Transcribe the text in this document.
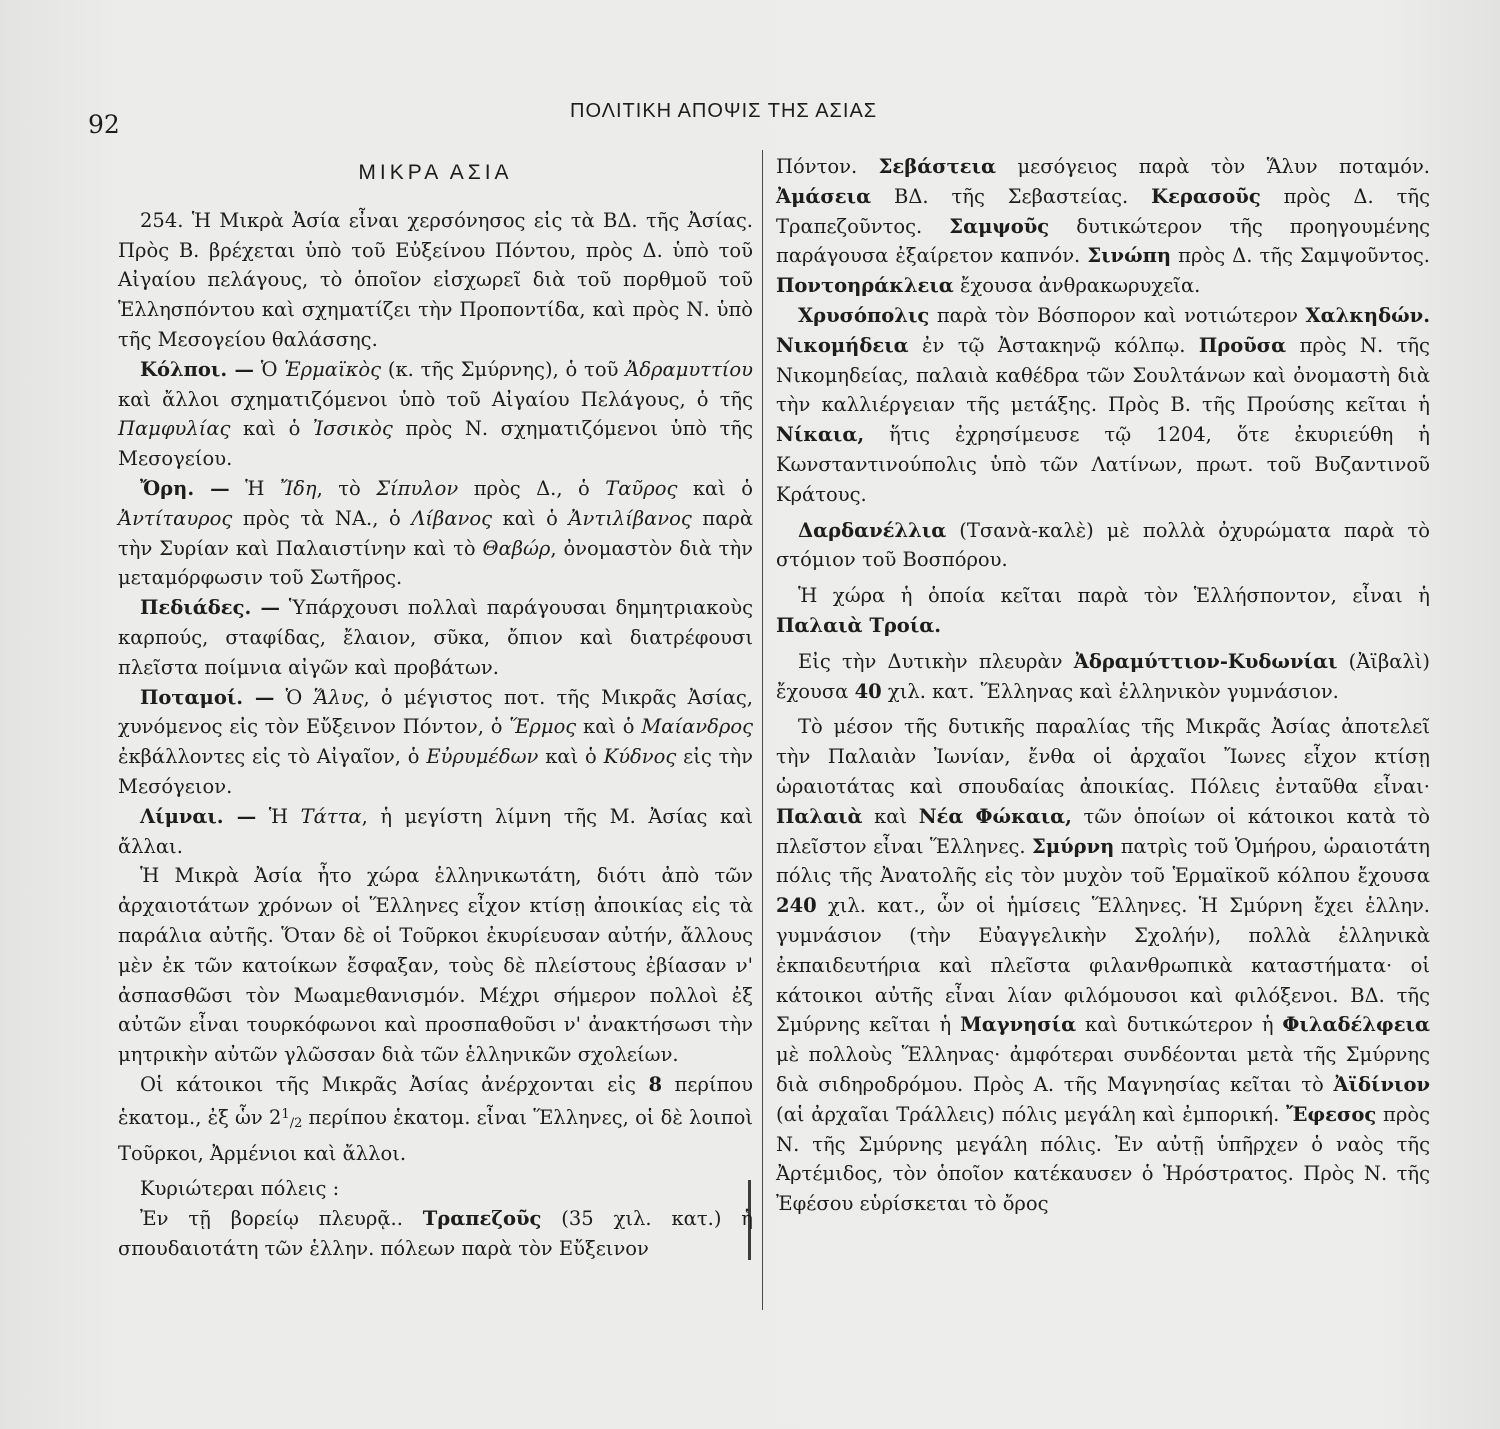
92	ΠΟΛΙΤΙΚΗ ΑΠΟΨΙΣ ΤΗΣ ΑΣΙΑΣ
ΜΙΚΡΑ ΑΣΙΑ

254. Ἡ Μικρὰ Ἀσία εἶναι χερσόνησος εἰς τὰ ΒΔ. τῆς Ἀσίας. Πρὸς Β. βρέχεται ὑπὸ τοῦ Εὐξείνου Πόντου, πρὸς Δ. ὑπὸ τοῦ Αἰγαίου πελάγους, τὸ ὁποῖον εἰσχωρεῖ διὰ τοῦ πορθμοῦ τοῦ Ἑλλησπόντου καὶ σχηματίζει τὴν Προποντίδα, καὶ πρὸς Ν. ὑπὸ τῆς Μεσογείου θαλάσσης.

Κόλποι. — Ὁ Ἑρμαϊκὸς (κ. τῆς Σμύρνης), ὁ τοῦ Ἀδραμυττίου καὶ ἄλλοι σχηματιζόμενοι ὑπὸ τοῦ Αἰγαίου Πελάγους, ὁ τῆς Παμφυλίας καὶ ὁ Ἰσσικὸς πρὸς Ν. σχηματιζόμενοι ὑπὸ τῆς Μεσογείου.

Ὄρη. — Ἡ Ἴδη, τὸ Σίπυλον πρὸς Δ., ὁ Ταῦρος καὶ ὁ Ἀντίταυρος πρὸς τὰ ΝΑ., ὁ Λίβανος καὶ ὁ Ἀντιλίβανος παρὰ τὴν Συρίαν καὶ Παλαιστίνην καὶ τὸ Θαβώρ, ὀνομαστὸν διὰ τὴν μεταμόρφωσιν τοῦ Σωτῆρος.

Πεδιάδες. — Ὑπάρχουσι πολλαὶ παράγουσαι δημητριακοὺς καρπούς, σταφίδας, ἔλαιον, σῦκα, ὄπιον καὶ διατρέφουσι πλεῖστα ποίμνια αἰγῶν καὶ προβάτων.

Ποταμοί. — Ὁ Ἅλυς, ὁ μέγιστος ποτ. τῆς Μικρᾶς Ἀσίας, χυνόμενος εἰς τὸν Εὔξεινον Πόντον, ὁ Ἕρμος καὶ ὁ Μαίανδρος ἐκβάλλοντες εἰς τὸ Αἰγαῖον, ὁ Εὐρυμέδων καὶ ὁ Κύδνος εἰς τὴν Μεσόγειον.

Λίμναι. — Ἡ Τάττα, ἡ μεγίστη λίμνη τῆς Μ. Ἀσίας καὶ ἄλλαι.

Ἡ Μικρὰ Ἀσία ἦτο χώρα ἑλληνικωτάτη, διότι ἀπὸ τῶν ἀρχαιοτάτων χρόνων οἱ Ἕλληνες εἶχον κτίσῃ ἀποικίας εἰς τὰ παράλια αὐτῆς. Ὅταν δὲ οἱ Τοῦρκοι ἐκυρίευσαν αὐτήν, ἄλλους μὲν ἐκ τῶν κατοίκων ἔσφαξαν, τοὺς δὲ πλείστους ἐβίασαν ν' ἀσπασθῶσι τὸν Μωαμεθανισμόν. Μέχρι σήμερον πολλοὶ ἐξ αὐτῶν εἶναι τουρκόφωνοι καὶ προσπαθοῦσι ν' ἀνακτήσωσι τὴν μητρικὴν αὐτῶν γλῶσσαν διὰ τῶν ἑλληνικῶν σχολείων.

Οἱ κάτοικοι τῆς Μικρᾶς Ἀσίας ἀνέρχονται εἰς 8 περίπου ἑκατομ., ἐξ ὧν $2^1_{/2}$ περίπου ἑκατομ. εἶναι Ἕλληνες, οἱ δὲ λοιποὶ Τοῦρκοι, Ἀρμένιοι καὶ ἄλλοι.

Κυριώτεραι πόλεις :

Ἐν τῇ βορείῳ πλευρᾷ.. Τραπεζοῦς (35 χιλ. κατ.) ἡ σπουδαιοτάτη τῶν ἑλλην. πόλεων παρὰ τὸν Εὔξεινον

Πόντον. Σεβάστεια μεσόγειος παρὰ τὸν Ἅλυν ποταμόν. Ἀμάσεια ΒΔ. τῆς Σεβαστείας. Κερασοῦς πρὸς Δ. τῆς Τραπεζοῦντος. Σαμψοῦς δυτικώτερον τῆς προηγουμένης παράγουσα ἐξαίρετον καπνόν. Σινώπη πρὸς Δ. τῆς Σαμψοῦντος. Ποντοηράκλεια ἔχουσα ἀνθρακωρυχεῖα.

Χρυσόπολις παρὰ τὸν Βόσπορον καὶ νοτιώτερον Χαλκηδών. Νικομήδεια ἐν τῷ Ἀστακηνῷ κόλπῳ. Προῦσα πρὸς Ν. τῆς Νικομηδείας, παλαιὰ καθέδρα τῶν Σουλτάνων καὶ ὀνομαστὴ διὰ τὴν καλλιέργειαν τῆς μετάξης. Πρὸς Β. τῆς Προύσης κεῖται ἡ Νίκαια, ἥτις ἐχρησίμευσε τῷ 1204, ὅτε ἐκυριεύθη ἡ Κωνσταντινούπολις ὑπὸ τῶν Λατίνων, πρωτ. τοῦ Βυζαντινοῦ Κράτους.

Δαρδανέλλια (Τσανὰ-καλὲ) μὲ πολλὰ ὀχυρώματα παρὰ τὸ στόμιον τοῦ Βοσπόρου.

Ἡ χώρα ἡ ὁποία κεῖται παρὰ τὸν Ἑλλήσποντον, εἶναι ἡ Παλαιὰ Τροία.

Εἰς τὴν Δυτικὴν πλευρὰν Ἀδραμύττιον-Κυδωνίαι (Ἀϊβαλὶ) ἔχουσα 40 χιλ. κατ. Ἕλληνας καὶ ἑλληνικὸν γυμνάσιον.

Τὸ μέσον τῆς δυτικῆς παραλίας τῆς Μικρᾶς Ἀσίας ἀποτελεῖ τὴν Παλαιὰν Ἰωνίαν, ἔνθα οἱ ἀρχαῖοι Ἴωνες εἶχον κτίσῃ ὡραιοτάτας καὶ σπουδαίας ἀποικίας. Πόλεις ἐνταῦθα εἶναι· Παλαιὰ καὶ Νέα Φώκαια, τῶν ὁποίων οἱ κάτοικοι κατὰ τὸ πλεῖστον εἶναι Ἕλληνες. Σμύρνη πατρὶς τοῦ Ὁμήρου, ὡραιοτάτη πόλις τῆς Ἀνατολῆς εἰς τὸν μυχὸν τοῦ Ἑρμαϊκοῦ κόλπου ἔχουσα 240 χιλ. κατ., ὧν οἱ ἡμίσεις Ἕλληνες. Ἡ Σμύρνη ἔχει ἑλλην. γυμνάσιον (τὴν Εὐαγγελικὴν Σχολήν), πολλὰ ἑλληνικὰ ἐκπαιδευτήρια καὶ πλεῖστα φιλανθρωπικὰ καταστήματα· οἱ κάτοικοι αὐτῆς εἶναι λίαν φιλόμουσοι καὶ φιλόξενοι. ΒΔ. τῆς Σμύρνης κεῖται ἡ Μαγνησία καὶ δυτικώτερον ἡ Φιλαδέλφεια μὲ πολλοὺς Ἕλληνας· ἀμφότεραι συνδέονται μετὰ τῆς Σμύρνης διὰ σιδηροδρόμου. Πρὸς Α. τῆς Μαγνησίας κεῖται τὸ Ἀϊδίνιον (αἱ ἀρχαῖαι Τράλλεις) πόλις μεγάλη καὶ ἐμπορική. Ἔφεσος πρὸς Ν. τῆς Σμύρνης μεγάλη πόλις. Ἐν αὐτῇ ὑπῆρχεν ὁ ναὸς τῆς Ἀρτέμιδος, τὸν ὁποῖον κατέκαυσεν ὁ Ἡρόστρατος. Πρὸς Ν. τῆς Ἐφέσου εὑρίσκεται τὸ ὄρος
